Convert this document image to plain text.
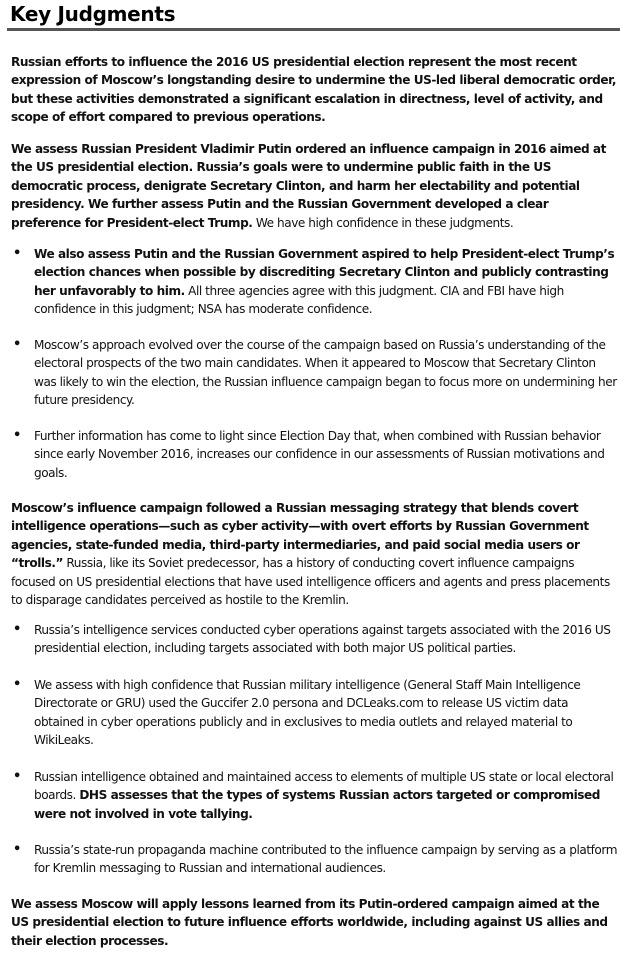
Key Judgments
Russian efforts to influence the 2016 US presidential election represent the most recent expression of Moscow’s longstanding desire to undermine the US-led liberal democratic order, but these activities demonstrated a significant escalation in directness, level of activity, and scope of effort compared to previous operations.
We assess Russian President Vladimir Putin ordered an influence campaign in 2016 aimed at the US presidential election. Russia’s goals were to undermine public faith in the US democratic process, denigrate Secretary Clinton, and harm her electability and potential presidency. We further assess Putin and the Russian Government developed a clear preference for President-elect Trump. We have high confidence in these judgments.
• We also assess Putin and the Russian Government aspired to help President-elect Trump’s election chances when possible by discrediting Secretary Clinton and publicly contrasting her unfavorably to him. All three agencies agree with this judgment. CIA and FBI have high confidence in this judgment; NSA has moderate confidence.
• Moscow’s approach evolved over the course of the campaign based on Russia’s understanding of the electoral prospects of the two main candidates. When it appeared to Moscow that Secretary Clinton was likely to win the election, the Russian influence campaign began to focus more on undermining her future presidency.
• Further information has come to light since Election Day that, when combined with Russian behavior since early November 2016, increases our confidence in our assessments of Russian motivations and goals.
Moscow’s influence campaign followed a Russian messaging strategy that blends covert intelligence operations—such as cyber activity—with overt efforts by Russian Government agencies, state-funded media, third-party intermediaries, and paid social media users or “trolls.” Russia, like its Soviet predecessor, has a history of conducting covert influence campaigns focused on US presidential elections that have used intelligence officers and agents and press placements to disparage candidates perceived as hostile to the Kremlin.
• Russia’s intelligence services conducted cyber operations against targets associated with the 2016 US presidential election, including targets associated with both major US political parties.
• We assess with high confidence that Russian military intelligence (General Staff Main Intelligence Directorate or GRU) used the Guccifer 2.0 persona and DCLeaks.com to release US victim data obtained in cyber operations publicly and in exclusives to media outlets and relayed material to WikiLeaks.
• Russian intelligence obtained and maintained access to elements of multiple US state or local electoral boards. DHS assesses that the types of systems Russian actors targeted or compromised were not involved in vote tallying.
• Russia’s state-run propaganda machine contributed to the influence campaign by serving as a platform for Kremlin messaging to Russian and international audiences.
We assess Moscow will apply lessons learned from its Putin-ordered campaign aimed at the US presidential election to future influence efforts worldwide, including against US allies and their election processes.
